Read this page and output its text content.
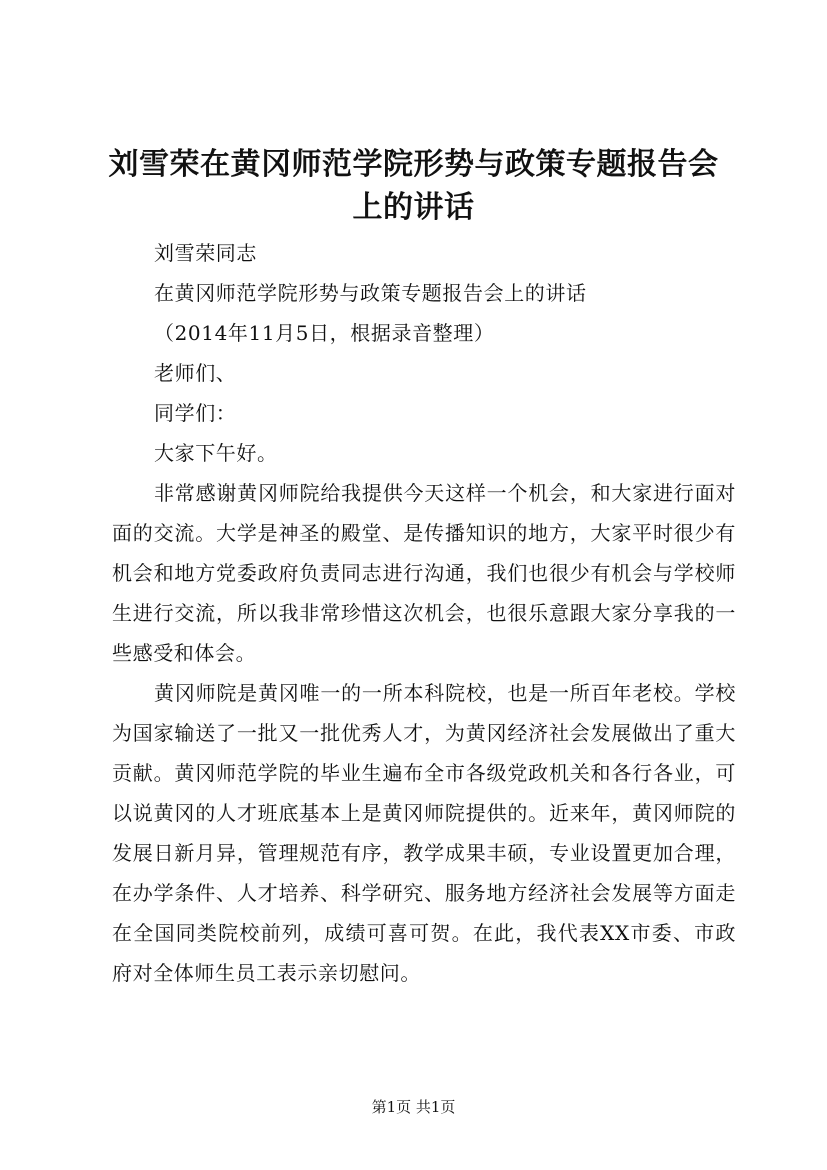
刘雪荣在黄冈师范学院形势与政策专题报告会上的讲话

刘雪荣同志

在黄冈师范学院形势与政策专题报告会上的讲话

（2014年11月5日，根据录音整理）

老师们、

同学们：

大家下午好。

非常感谢黄冈师院给我提供今天这样一个机会，和大家进行面对面的交流。大学是神圣的殿堂、是传播知识的地方，大家平时很少有机会和地方党委政府负责同志进行沟通，我们也很少有机会与学校师生进行交流，所以我非常珍惜这次机会，也很乐意跟大家分享我的一些感受和体会。

黄冈师院是黄冈唯一的一所本科院校，也是一所百年老校。学校为国家输送了一批又一批优秀人才，为黄冈经济社会发展做出了重大贡献。黄冈师范学院的毕业生遍布全市各级党政机关和各行各业，可以说黄冈的人才班底基本上是黄冈师院提供的。近来年，黄冈师院的发展日新月异，管理规范有序，教学成果丰硕，专业设置更加合理，在办学条件、人才培养、科学研究、服务地方经济社会发展等方面走在全国同类院校前列，成绩可喜可贺。在此，我代表XX市委、市政府对全体师生员工表示亲切慰问。

第1页 共1页
